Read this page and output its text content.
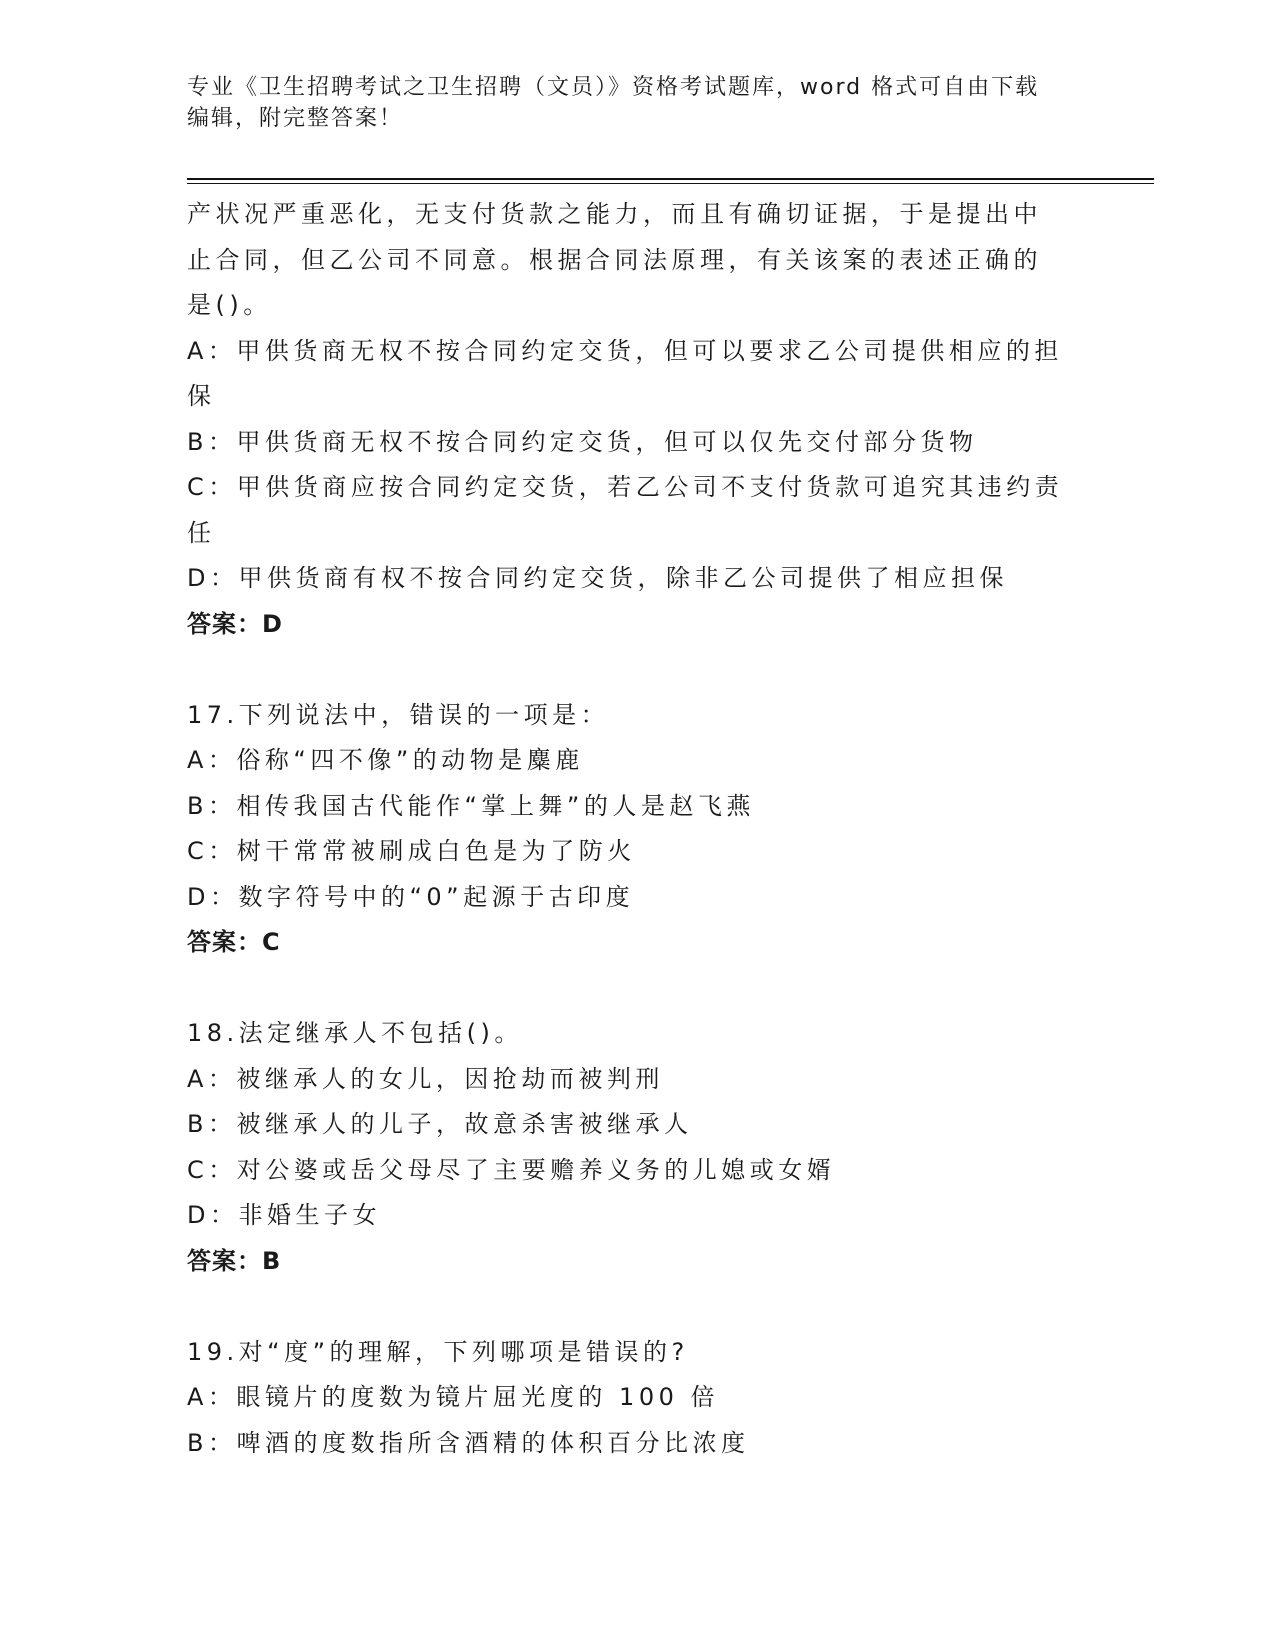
专业《卫生招聘考试之卫生招聘（文员）》资格考试题库，word 格式可自由下载
编辑，附完整答案！
产状况严重恶化，无支付货款之能力，而且有确切证据，于是提出中
止合同，但乙公司不同意。根据合同法原理，有关该案的表述正确的
是()。
A：甲供货商无权不按合同约定交货，但可以要求乙公司提供相应的担
保
B：甲供货商无权不按合同约定交货，但可以仅先交付部分货物
C：甲供货商应按合同约定交货，若乙公司不支付货款可追究其违约责
任
D：甲供货商有权不按合同约定交货，除非乙公司提供了相应担保
答案：D
17.下列说法中，错误的一项是：
A：俗称“四不像”的动物是麋鹿
B：相传我国古代能作“掌上舞”的人是赵飞燕
C：树干常常被刷成白色是为了防火
D：数字符号中的“0”起源于古印度
答案：C
18.法定继承人不包括()。
A：被继承人的女儿，因抢劫而被判刑
B：被继承人的儿子，故意杀害被继承人
C：对公婆或岳父母尽了主要赡养义务的儿媳或女婿
D：非婚生子女
答案：B
19.对“度”的理解，下列哪项是错误的?
A：眼镜片的度数为镜片屈光度的 100 倍
B：啤酒的度数指所含酒精的体积百分比浓度
